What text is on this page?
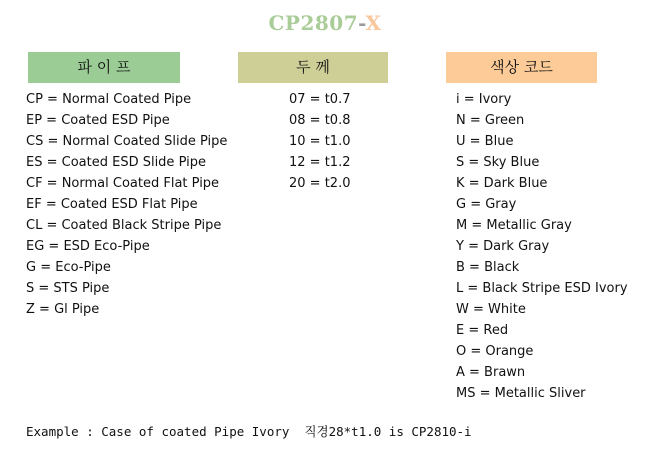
CP2807-X
파 이 프	두 께	색상 코드
CP = Normal Coated Pipe
EP = Coated ESD Pipe
CS = Normal Coated Slide Pipe
ES = Coated ESD Slide Pipe
CF = Normal Coated Flat Pipe
EF = Coated ESD Flat Pipe
CL = Coated Black Stripe Pipe
EG = ESD Eco-Pipe
G = Eco-Pipe
S = STS Pipe
Z = Gl Pipe
07 = t0.7
08 = t0.8
10 = t1.0
12 = t1.2
20 = t2.0
i = Ivory
N = Green
U = Blue
S = Sky Blue
K = Dark Blue
G = Gray
M = Metallic Gray
Y = Dark Gray
B = Black
L = Black Stripe ESD Ivory
W = White
E = Red
O = Orange
A = Brawn
MS = Metallic Sliver
Example : Case of coated Pipe Ivory  직경28*t1.0 is CP2810-i
